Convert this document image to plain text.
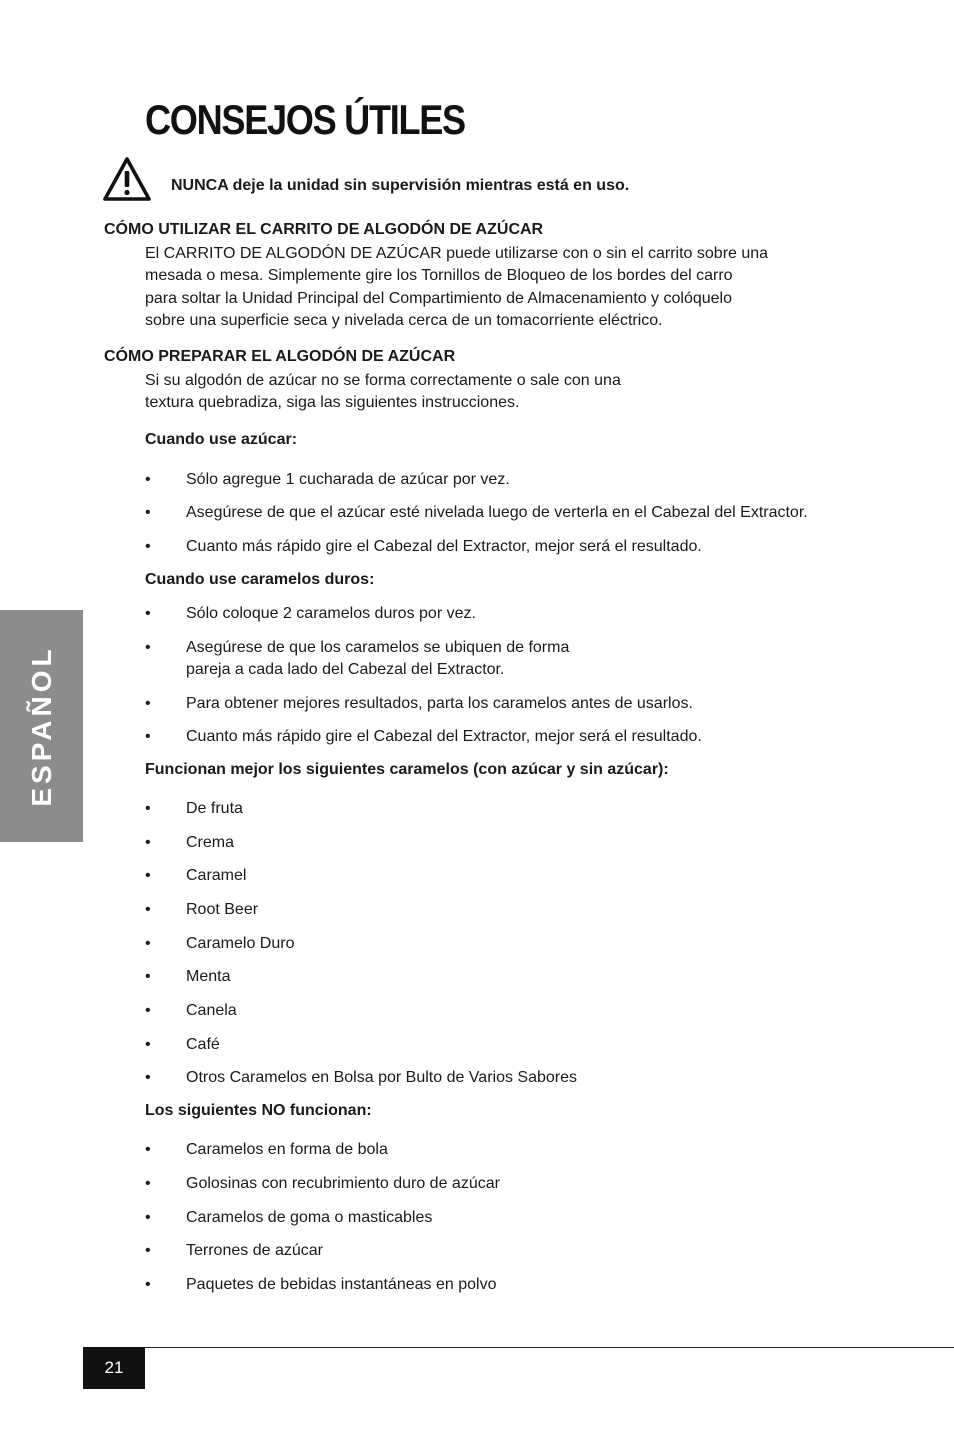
CONSEJOS ÚTILES
NUNCA deje la unidad sin supervisión mientras está en uso.
CÓMO UTILIZAR EL CARRITO DE ALGODÓN DE AZÚCAR
El CARRITO DE ALGODÓN DE AZÚCAR puede utilizarse con o sin el carrito sobre una
mesada o mesa. Simplemente gire los Tornillos de Bloqueo de los bordes del carro
para soltar la Unidad Principal del Compartimiento de Almacenamiento y colóquelo
sobre una superficie seca y nivelada cerca de un tomacorriente eléctrico.
CÓMO PREPARAR EL ALGODÓN DE AZÚCAR
Si su algodón de azúcar no se forma correctamente o sale con una
textura quebradiza, siga las siguientes instrucciones.
Cuando use azúcar:
• Sólo agregue 1 cucharada de azúcar por vez.
• Asegúrese de que el azúcar esté nivelada luego de verterla en el Cabezal del Extractor.
• Cuanto más rápido gire el Cabezal del Extractor, mejor será el resultado.
Cuando use caramelos duros:
• Sólo coloque 2 caramelos duros por vez.
• Asegúrese de que los caramelos se ubiquen de forma
pareja a cada lado del Cabezal del Extractor.
• Para obtener mejores resultados, parta los caramelos antes de usarlos.
• Cuanto más rápido gire el Cabezal del Extractor, mejor será el resultado.
Funcionan mejor los siguientes caramelos (con azúcar y sin azúcar):
• De fruta
• Crema
• Caramel
• Root Beer
• Caramelo Duro
• Menta
• Canela
• Café
• Otros Caramelos en Bolsa por Bulto de Varios Sabores
Los siguientes NO funcionan:
• Caramelos en forma de bola
• Golosinas con recubrimiento duro de azúcar
• Caramelos de goma o masticables
• Terrones de azúcar
• Paquetes de bebidas instantáneas en polvo
ESPAÑOL
21
